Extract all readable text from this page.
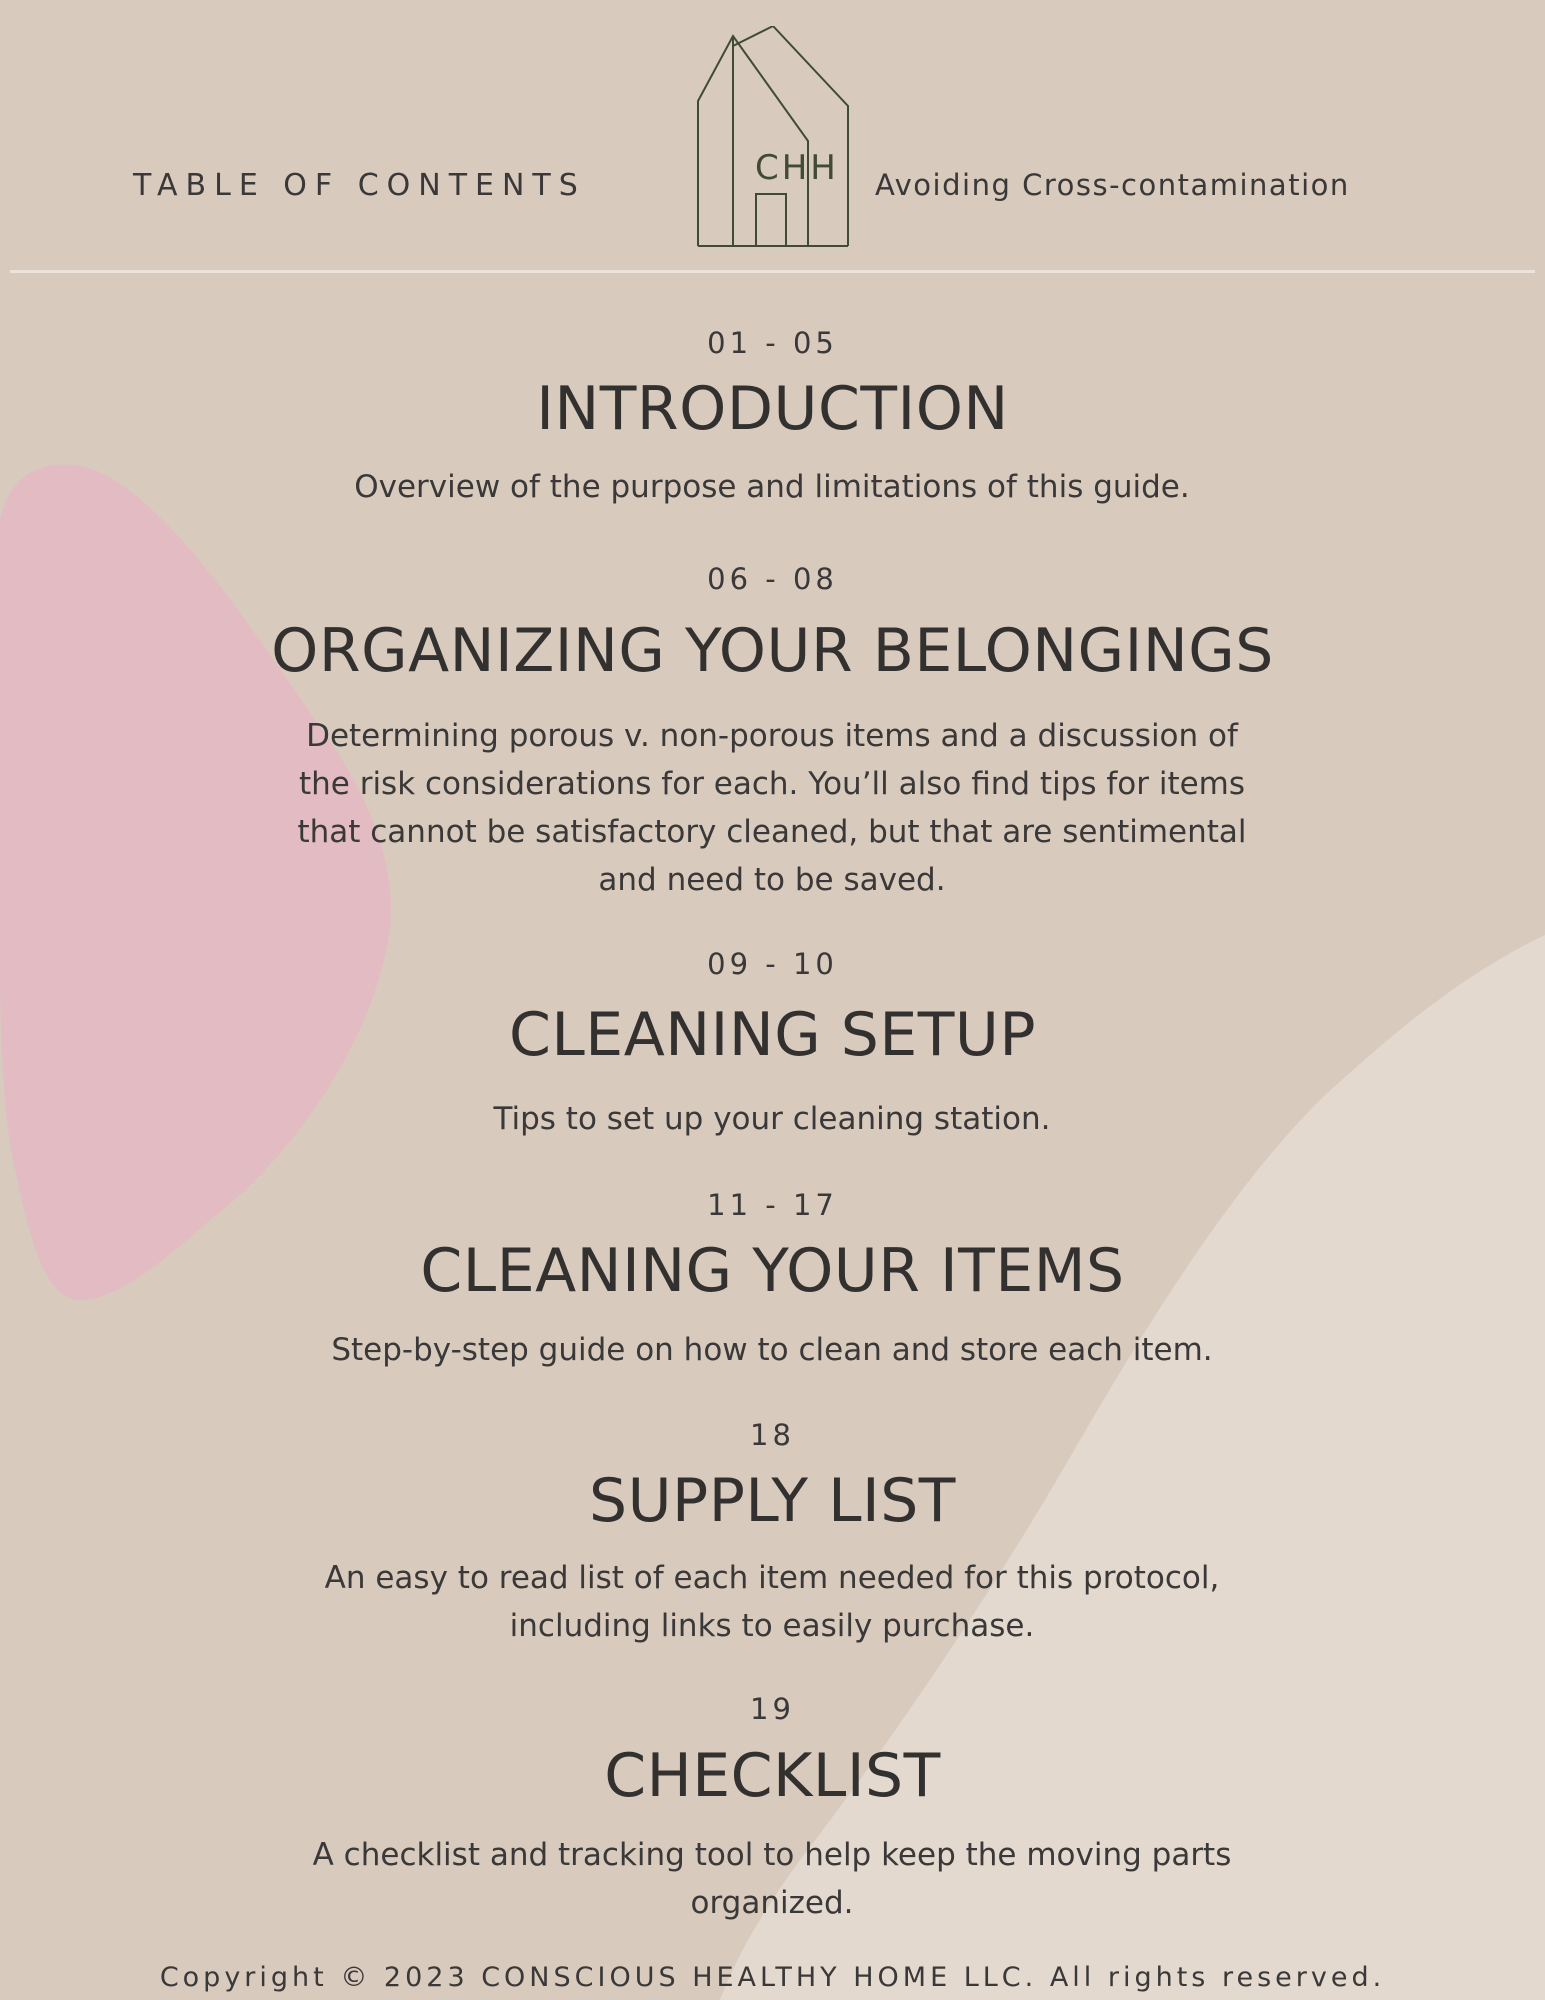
TABLE OF CONTENTS	CHH Avoiding Cross-contamination
01 - 05
INTRODUCTION
Overview of the purpose and limitations of this guide.
06 - 08
ORGANIZING YOUR BELONGINGS
Determining porous v. non-porous items and a discussion of the risk considerations for each. You’ll also find tips for items that cannot be satisfactory cleaned, but that are sentimental and need to be saved.
09 - 10
CLEANING SETUP
Tips to set up your cleaning station.
11 - 17
CLEANING YOUR ITEMS
Step-by-step guide on how to clean and store each item.
18
SUPPLY LIST
An easy to read list of each item needed for this protocol, including links to easily purchase.
19
CHECKLIST
A checklist and tracking tool to help keep the moving parts organized.
Copyright © 2023 CONSCIOUS HEALTHY HOME LLC. All rights reserved.
